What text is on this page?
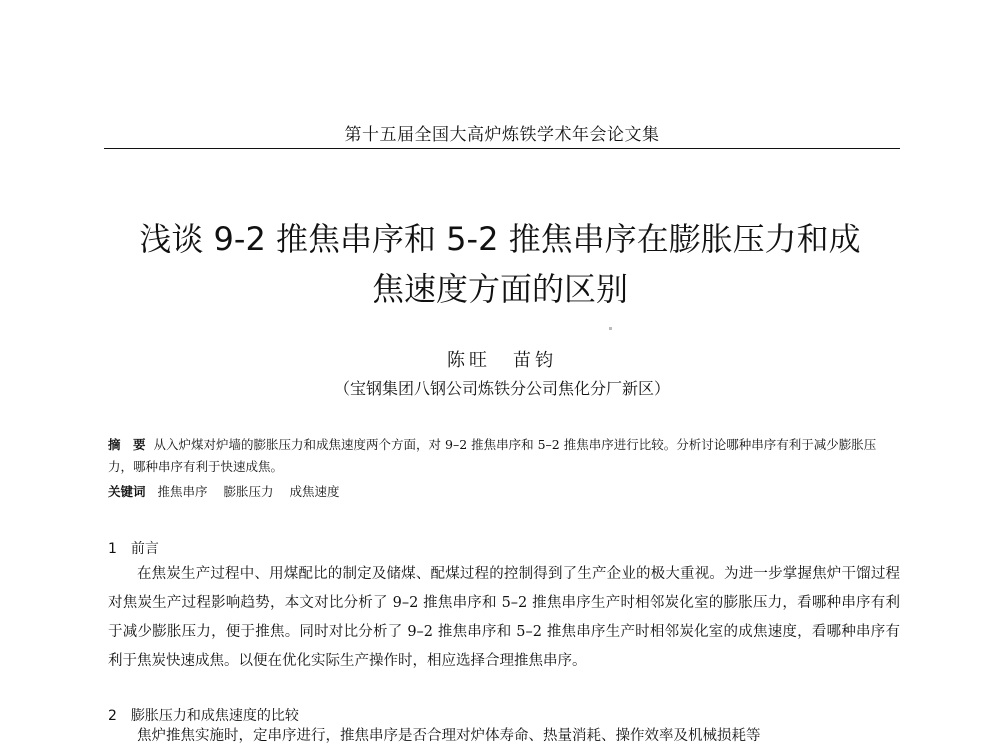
第十五届全国大高炉炼铁学术年会论文集
浅谈 9-2 推焦串序和 5-2 推焦串序在膨胀压力和成
焦速度方面的区别
陈旺　苗钧
（宝钢集团八钢公司炼铁分公司焦化分厂新区）
摘　要 从入炉煤对炉墙的膨胀压力和成焦速度两个方面，对 9–2 推焦串序和 5–2 推焦串序进行比较。分析讨论哪种串序有利于减少膨胀压力，哪种串序有利于快速成焦。
关键词 推焦串序 膨胀压力 成焦速度
1 前言

在焦炭生产过程中、用煤配比的制定及储煤、配煤过程的控制得到了生产企业的极大重视。为进一步掌握焦炉干馏过程对焦炭生产过程影响趋势，本文对比分析了 9–2 推焦串序和 5–2 推焦串序生产时相邻炭化室的膨胀压力，看哪种串序有利于减少膨胀压力，便于推焦。同时对比分析了 9–2 推焦串序和 5–2 推焦串序生产时相邻炭化室的成焦速度，看哪种串序有利于焦炭快速成焦。以便在优化实际生产操作时，相应选择合理推焦串序。

2 膨胀压力和成焦速度的比较

焦炉推焦实施时，定串序进行，推焦串序是否合理对炉体寿命、热量消耗、操作效率及机械损耗等
